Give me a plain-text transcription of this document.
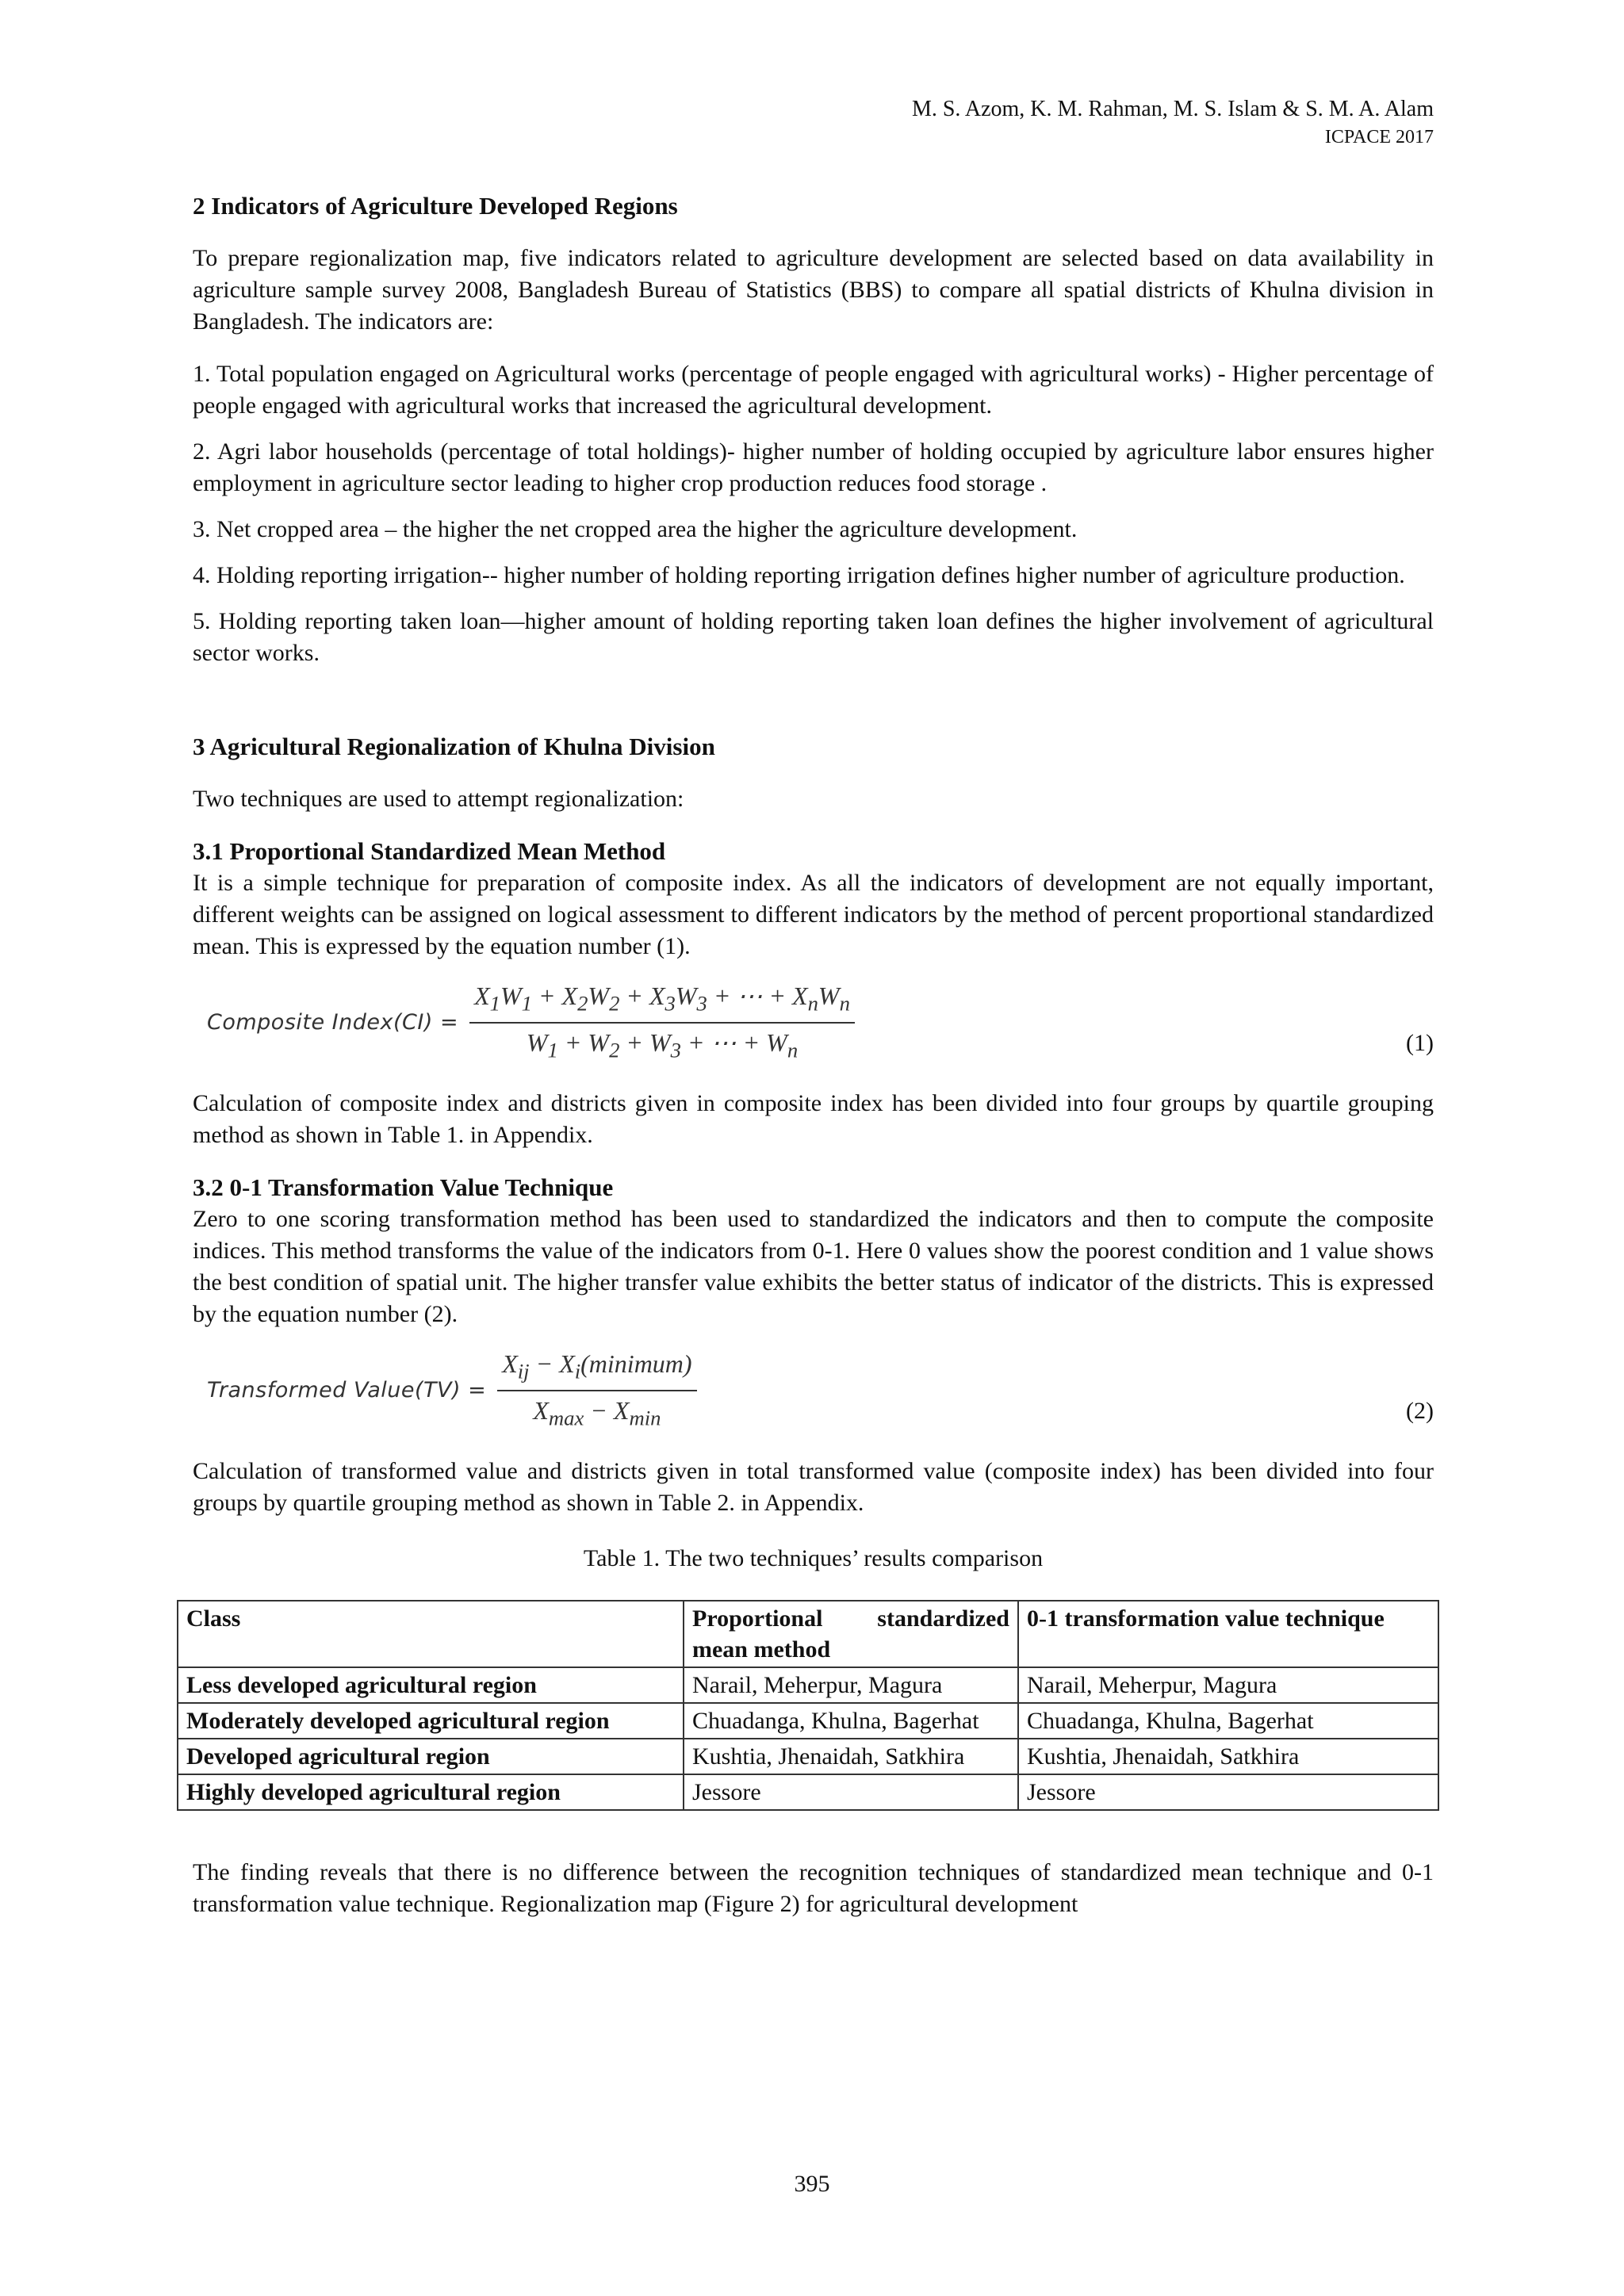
M. S. Azom, K. M. Rahman, M. S. Islam & S. M. A. Alam
ICPACE 2017
2 Indicators of Agriculture Developed Regions

To prepare regionalization map, five indicators related to agriculture development are selected based on data availability in agriculture sample survey 2008, Bangladesh Bureau of Statistics (BBS) to compare all spatial districts of Khulna division in Bangladesh. The indicators are:

1. Total population engaged on Agricultural works (percentage of people engaged with agricultural works) - Higher percentage of people engaged with agricultural works that increased the agricultural development.

2. Agri labor households (percentage of total holdings)- higher number of holding occupied by agriculture labor ensures higher employment in agriculture sector leading to higher crop production reduces food storage .

3. Net cropped area – the higher the net cropped area the higher the agriculture development.

4. Holding reporting irrigation-- higher number of holding reporting irrigation defines higher number of agriculture production.

5. Holding reporting taken loan—higher amount of holding reporting taken loan defines the higher involvement of agricultural sector works.

3 Agricultural Regionalization of Khulna Division

Two techniques are used to attempt regionalization:

3.1 Proportional Standardized Mean Method

It is a simple technique for preparation of composite index. As all the indicators of development are not equally important, different weights can be assigned on logical assessment to different indicators by the method of percent proportional standardized mean. This is expressed by the equation number (1).

Composite Index(CI) = $\frac{X_1W_1 + X_2W_2 + X_3W_3 + \cdots + X_nW_n}{W_1 + W_2 + W_3 + \cdots + W_n}$	(1)

Calculation of composite index and districts given in composite index has been divided into four groups by quartile grouping method as shown in Table 1. in Appendix.

3.2 0-1 Transformation Value Technique

Zero to one scoring transformation method has been used to standardized the indicators and then to compute the composite indices. This method transforms the value of the indicators from 0-1. Here 0 values show the poorest condition and 1 value shows the best condition of spatial unit. The higher transfer value exhibits the better status of indicator of the districts. This is expressed by the equation number (2).

Transformed Value(TV) = $\frac{X_{ij} - X_i(minimum)}{X_{max} - X_{min}}$	(2)

Calculation of transformed value and districts given in total transformed value (composite index) has been divided into four groups by quartile grouping method as shown in Table 2. in Appendix.

Table 1. The two techniques’ results comparison
Class	Proportional standardized mean method	0-1 transformation value technique
Less developed agricultural region	Narail, Meherpur, Magura	Narail, Meherpur, Magura
Moderately developed agricultural region	Chuadanga, Khulna, Bagerhat	Chuadanga, Khulna, Bagerhat
Developed agricultural region	Kushtia, Jhenaidah, Satkhira	Kushtia, Jhenaidah, Satkhira
Highly developed agricultural region	Jessore	Jessore

The finding reveals that there is no difference between the recognition techniques of standardized mean technique and 0-1 transformation value technique. Regionalization map (Figure 2) for agricultural development

395
